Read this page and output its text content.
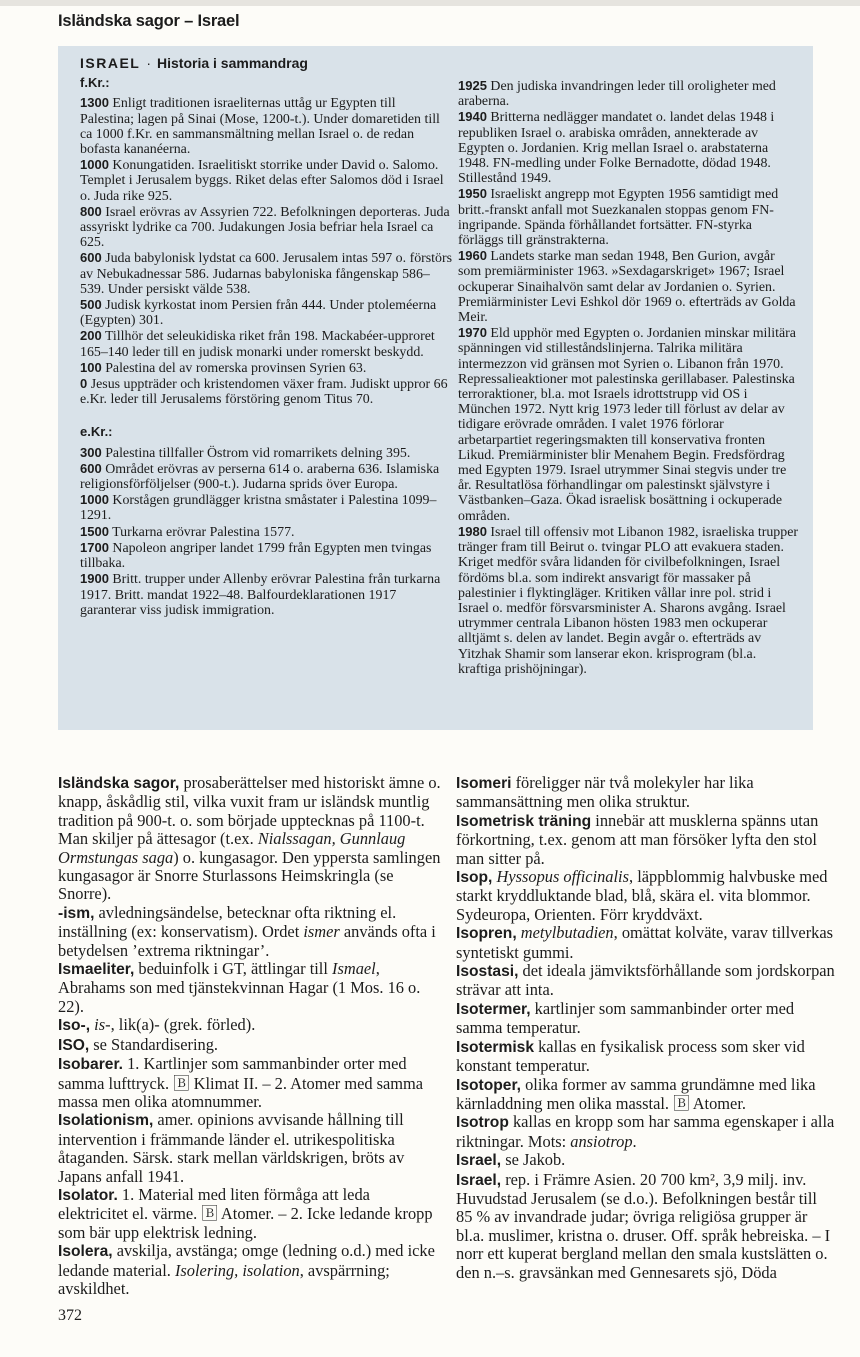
Isländska sagor – Israel
ISRAEL · Historia i sammandrag
f.Kr.:
1300 Enligt traditionen israeliternas uttåg ur Egypten till Palestina; lagen på Sinai (Mose, 1200-t.). Under domaretiden till ca 1000 f.Kr. en sammansmältning mellan Israel o. de redan bofasta kananéerna.
1000 Konungatiden. Israelitiskt storrike under David o. Salomo. Templet i Jerusalem byggs. Riket delas efter Salomos död i Israel o. Juda rike 925.
800 Israel erövras av Assyrien 722. Befolkningen deporteras. Juda assyriskt lydrike ca 700. Judakungen Josia befriar hela Israel ca 625.
600 Juda babylonisk lydstat ca 600. Jerusalem intas 597 o. förstörs av Nebukadnessar 586. Judarnas babyloniska fångenskap 586–539. Under persiskt välde 538.
500 Judisk kyrkostat inom Persien från 444. Under ptoleméerna (Egypten) 301.
200 Tillhör det seleukidiska riket från 198. Mackabéer-upproret 165–140 leder till en judisk monarki under romerskt beskydd.
100 Palestina del av romerska provinsen Syrien 63.
0 Jesus uppträder och kristendomen växer fram. Judiskt uppror 66 e.Kr. leder till Jerusalems förstöring genom Titus 70.
e.Kr.:
300 Palestina tillfaller Östrom vid romarrikets delning 395.
600 Området erövras av perserna 614 o. araberna 636. Islamiska religionsförföljelser (900-t.). Judarna sprids över Europa.
1000 Korstågen grundlägger kristna småstater i Palestina 1099–1291.
1500 Turkarna erövrar Palestina 1577.
1700 Napoleon angriper landet 1799 från Egypten men tvingas tillbaka.
1900 Britt. trupper under Allenby erövrar Palestina från turkarna 1917. Britt. mandat 1922–48. Balfourdeklarationen 1917 garanterar viss judisk immigration.
1925 Den judiska invandringen leder till oroligheter med araberna.
1940 Britterna nedlägger mandatet o. landet delas 1948 i republiken Israel o. arabiska områden, annekterade av Egypten o. Jordanien. Krig mellan Israel o. arabstaterna 1948. FN-medling under Folke Bernadotte, dödad 1948. Stillestånd 1949.
1950 Israeliskt angrepp mot Egypten 1956 samtidigt med britt.-franskt anfall mot Suezkanalen stoppas genom FN-ingripande. Spända förhållandet fortsätter. FN-styrka förläggs till gränstrakterna.
1960 Landets starke man sedan 1948, Ben Gurion, avgår som premiärminister 1963. »Sexdagarskriget» 1967; Israel ockuperar Sinaihalvön samt delar av Jordanien o. Syrien. Premiärminister Levi Eshkol dör 1969 o. efterträds av Golda Meir.
1970 Eld upphör med Egypten o. Jordanien minskar militära spänningen vid stilleståndslinjerna. Talrika militära intermezzon vid gränsen mot Syrien o. Libanon från 1970. Repressalieaktioner mot palestinska gerillabaser. Palestinska terroraktioner, bl.a. mot Israels idrottstrupp vid OS i München 1972. Nytt krig 1973 leder till förlust av delar av tidigare erövrade områden. I valet 1976 förlorar arbetarpartiet regeringsmakten till konservativa fronten Likud. Premiärminister blir Menahem Begin. Fredsfördrag med Egypten 1979. Israel utrymmer Sinai stegvis under tre år. Resultatlösa förhandlingar om palestinskt självstyre i Västbanken–Gaza. Ökad israelisk bosättning i ockuperade områden.
1980 Israel till offensiv mot Libanon 1982, israeliska trupper tränger fram till Beirut o. tvingar PLO att evakuera staden. Kriget medför svåra lidanden för civilbefolkningen, Israel fördöms bl.a. som indirekt ansvarigt för massaker på palestinier i flyktingläger. Kritiken vållar inre pol. strid i Israel o. medför försvarsminister A. Sharons avgång. Israel utrymmer centrala Libanon hösten 1983 men ockuperar alltjämt s. delen av landet. Begin avgår o. efterträds av Yitzhak Shamir som lanserar ekon. krisprogram (bl.a. kraftiga prishöjningar).
Isländska sagor, prosaberättelser med historiskt ämne o. knapp, åskådlig stil, vilka vuxit fram ur isländsk muntlig tradition på 900-t. o. som började upptecknas på 1100-t. Man skiljer på ättesagor (t.ex. Nialssagan, Gunnlaug Ormstungas saga) o. kungasagor. Den yppersta samlingen kungasagor är Snorre Sturlassons Heimskringla (se Snorre).
-ism, avledningsändelse, betecknar ofta riktning el. inställning (ex: konservatism). Ordet ismer används ofta i betydelsen ’extrema riktningar’.
Ismaeliter, beduinfolk i GT, ättlingar till Ismael, Abrahams son med tjänstekvinnan Hagar (1 Mos. 16 o. 22).
Iso-, is-, lik(a)- (grek. förled).
ISO, se Standardisering.
Isobarer. 1. Kartlinjer som sammanbinder orter med samma lufttryck. 🄱 Klimat II. – 2. Atomer med samma massa men olika atomnummer.
Isolationism, amer. opinions avvisande hållning till intervention i främmande länder el. utrikespolitiska åtaganden. Särsk. stark mellan världskrigen, bröts av Japans anfall 1941.
Isolator. 1. Material med liten förmåga att leda elektricitet el. värme. 🄱 Atomer. – 2. Icke ledande kropp som bär upp elektrisk ledning.
Isolera, avskilja, avstänga; omge (ledning o.d.) med icke ledande material. Isolering, isolation, avspärrning; avskildhet.
Isomeri föreligger när två molekyler har lika sammansättning men olika struktur.
Isometrisk träning innebär att musklerna spänns utan förkortning, t.ex. genom att man försöker lyfta den stol man sitter på.
Isop, Hyssopus officinalis, läppblommig halvbuske med starkt kryddluktande blad, blå, skära el. vita blommor. Sydeuropa, Orienten. Förr kryddväxt.
Isopren, metylbutadien, omättat kolväte, varav tillverkas syntetiskt gummi.
Isostasi, det ideala jämviktsförhållande som jordskorpan strävar att inta.
Isotermer, kartlinjer som sammanbinder orter med samma temperatur.
Isotermisk kallas en fysikalisk process som sker vid konstant temperatur.
Isotoper, olika former av samma grundämne med lika kärnladdning men olika masstal. 🄱 Atomer.
Isotrop kallas en kropp som har samma egenskaper i alla riktningar. Mots: ansiotrop.
Israel, se Jakob.
Israel, rep. i Främre Asien. 20 700 km², 3,9 milj. inv. Huvudstad Jerusalem (se d.o.). Befolkningen består till 85 % av invandrade judar; övriga religiösa grupper är bl.a. muslimer, kristna o. druser. Off. språk hebreiska. – I norr ett kuperat bergland mellan den smala kustslätten o. den n.–s. gravsänkan med Gennesarets sjö, Döda
372
